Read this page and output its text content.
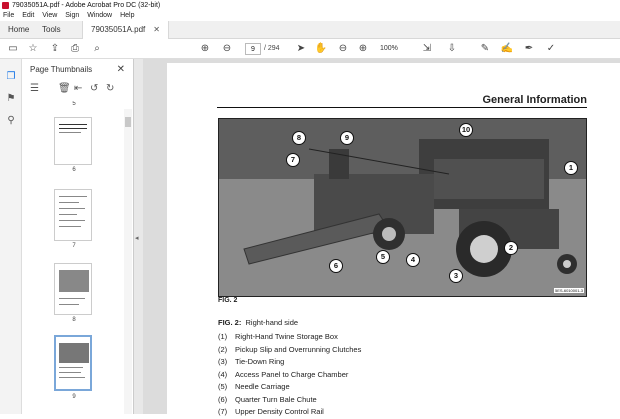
79035051A.pdf - Adobe Acrobat Pro DC (32-bit)
File Edit View Sign Window Help
Home Tools	79035051A.pdf ✕
▭ ☆ ⇪	⎙	⌕	⊕ ⊖	9	/ 294 ➤ ✋ ⊖ ⊕	100% ⇲ ⇩ ✎ ✍ ✒ ✓
❐
⚑
⚲
Page Thumbnails	✕
☰ 🗑 ⇤ ↺ ↻
5
6
7
8
9
◂
General Information
1
2
3
4
5
6
7
8	9
10
5ES-6010001-3
FIG. 2
FIG. 2: Right-hand side
(1) Right-Hand Twine Storage Box
(2) Pickup Slip and Overrunning Clutches
(3) Tie-Down Ring
(4) Access Panel to Charge Chamber
(5) Needle Carriage
(6) Quarter Turn Bale Chute
(7) Upper Density Control Rail
